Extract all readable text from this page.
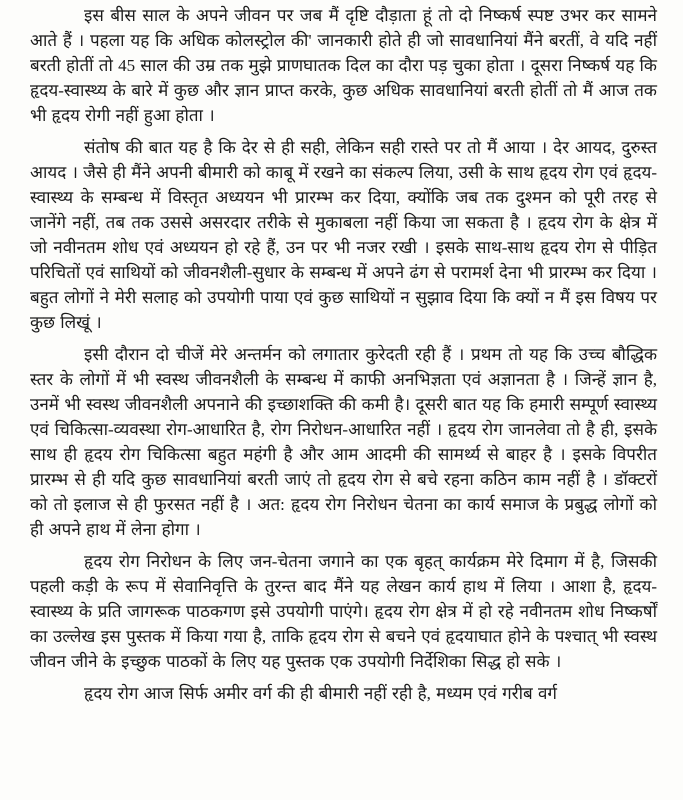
इस बीस साल के अपने जीवन पर जब मैं दृष्टि दौड़ाता हूं तो दो निष्कर्ष स्पष्ट उभर कर सामने आते हैं । पहला यह कि अधिक कोलस्ट्रोल की' जानकारी होते ही जो सावधानियां मैंने बरतीं, वे यदि नहीं बरती होतीं तो 45 साल की उम्र तक मुझे प्राणघातक दिल का दौरा पड़ चुका होता । दूसरा निष्कर्ष यह कि हृदय-स्वास्थ्य के बारे में कुछ और ज्ञान प्राप्त करके, कुछ अधिक सावधानियां बरती होतीं तो मैं आज तक भी हृदय रोगी नहीं हुआ होता ।

संतोष की बात यह है कि देर से ही सही, लेकिन सही रास्ते पर तो मैं आया । देर आयद, दुरुस्त आयद । जैसे ही मैंने अपनी बीमारी को काबू में रखने का संकल्प लिया, उसी के साथ हृदय रोग एवं हृदय-स्वास्थ्य के सम्बन्ध में विस्तृत अध्ययन भी प्रारम्भ कर दिया, क्योंकि जब तक दुश्मन को पूरी तरह से जानेंगे नहीं, तब तक उससे असरदार तरीके से मुकाबला नहीं किया जा सकता है । हृदय रोग के क्षेत्र में जो नवीनतम शोध एवं अध्ययन हो रहे हैं, उन पर भी नजर रखी । इसके साथ-साथ हृदय रोग से पीड़ित परिचितों एवं साथियों को जीवनशैली-सुधार के सम्बन्ध में अपने ढंग से परामर्श देना भी प्रारम्भ कर दिया । बहुत लोगों ने मेरी सलाह को उपयोगी पाया एवं कुछ साथियों न सुझाव दिया कि क्यों न मैं इस विषय पर कुछ लिखूं ।

इसी दौरान दो चीजें मेरे अन्तर्मन को लगातार कुरेदती रही हैं । प्रथम तो यह कि उच्च बौद्धिक स्तर के लोगों में भी स्वस्थ जीवनशैली के सम्बन्ध में काफी अनभिज्ञता एवं अज्ञानता है । जिन्हें ज्ञान है, उनमें भी स्वस्थ जीवनशैली अपनाने की इच्छाशक्ति की कमी है। दूसरी बात यह कि हमारी सम्पूर्ण स्वास्थ्य एवं चिकित्सा-व्यवस्था रोग-आधारित है, रोग निरोधन-आधारित नहीं । हृदय रोग जानलेवा तो है ही, इसके साथ ही हृदय रोग चिकित्सा बहुत महंगी है और आम आदमी की सामर्थ्य से बाहर है । इसके विपरीत प्रारम्भ से ही यदि कुछ सावधानियां बरती जाएं तो हृदय रोग से बचे रहना कठिन काम नहीं है । डॉक्टरों को तो इलाज से ही फुरसत नहीं है । अत: हृदय रोग निरोधन चेतना का कार्य समाज के प्रबुद्ध लोगों को ही अपने हाथ में लेना होगा ।

हृदय रोग निरोधन के लिए जन-चेतना जगाने का एक बृहत् कार्यक्रम मेरे दिमाग में है, जिसकी पहली कड़ी के रूप में सेवानिवृत्ति के तुरन्त बाद मैंने यह लेखन कार्य हाथ में लिया । आशा है, हृदय-स्वास्थ्य के प्रति जागरूक पाठकगण इसे उपयोगी पाएंगे। हृदय रोग क्षेत्र में हो रहे नवीनतम शोध निष्कर्षों का उल्लेख इस पुस्तक में किया गया है, ताकि हृदय रोग से बचने एवं हृदयाघात होने के पश्चात् भी स्वस्थ जीवन जीने के इच्छुक पाठकों के लिए यह पुस्तक एक उपयोगी निर्देशिका सिद्ध हो सके ।

हृदय रोग आज सिर्फ अमीर वर्ग की ही बीमारी नहीं रही है, मध्यम एवं गरीब वर्ग
